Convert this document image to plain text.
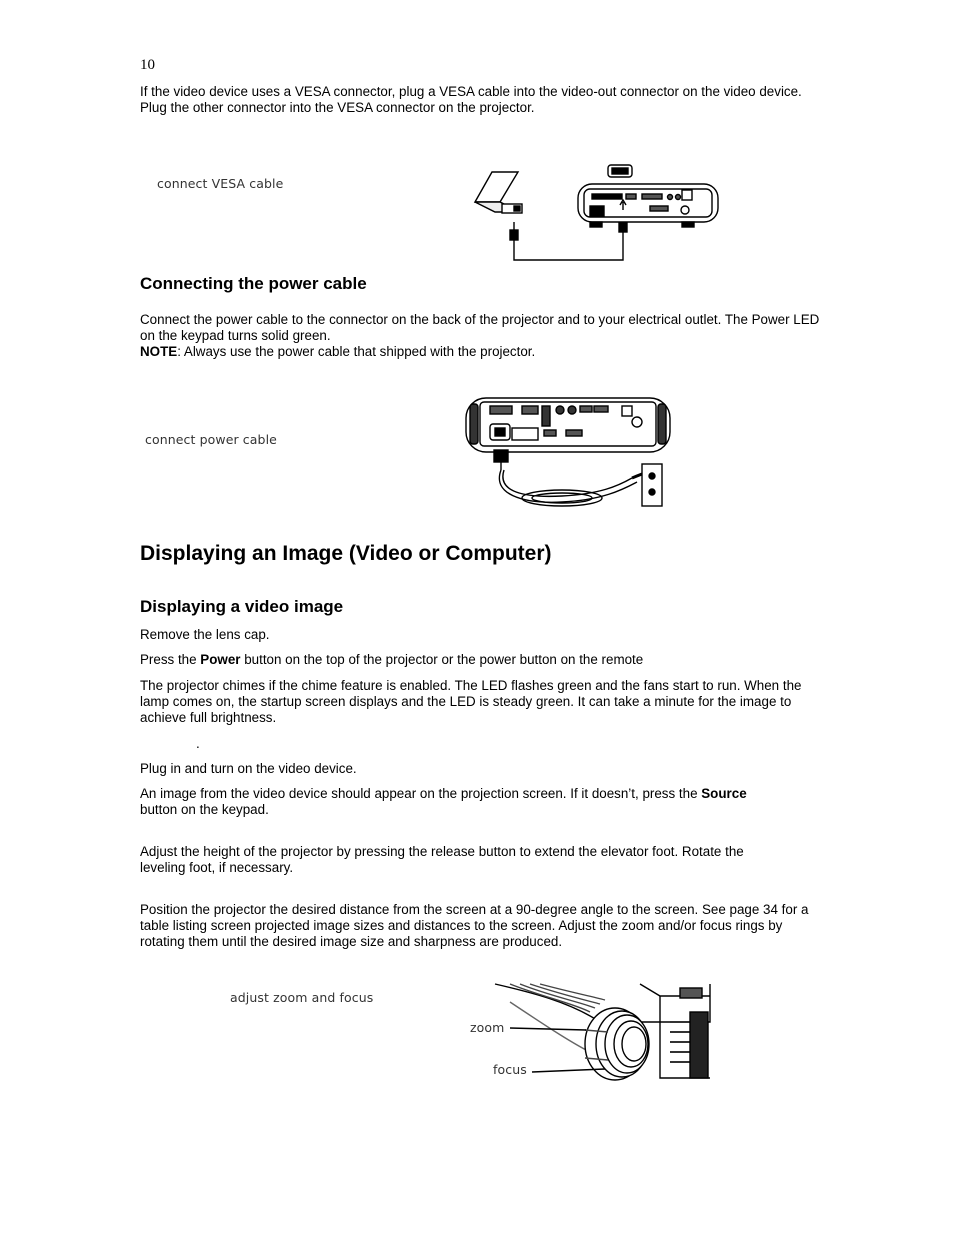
10
If the video device uses a VESA connector, plug a VESA cable into the video-out connector on the video device. Plug the other connector into the VESA connector on the projector.
connect VESA cable
Connecting the power cable
Connect the power cable to the connector on the back of the projector and to your electrical outlet. The Power LED on the keypad turns solid green.
NOTE: Always use the power cable that shipped with the projector.
connect power cable
Displaying an Image (Video or Computer)
Displaying a video image
Remove the lens cap.
Press the Power button on the top of the projector or the power button on the remote
The projector chimes if the chime feature is enabled. The LED flashes green and the fans start to run. When the lamp comes on, the startup screen displays and the LED is steady green. It can take a minute for the image to achieve full brightness.
.
Plug in and turn on the video device.
An image from the video device should appear on the projection screen. If it doesn’t, press the Source button on the keypad.
Adjust the height of the projector by pressing the release button to extend the elevator foot. Rotate the leveling foot, if necessary.
Position the projector the desired distance from the screen at a 90-degree angle to the screen. See page 34 for a table listing screen projected image sizes and distances to the screen. Adjust the zoom and/or focus rings by rotating them until the desired image size and sharpness are produced.
adjust zoom and focus
zoom
focus
